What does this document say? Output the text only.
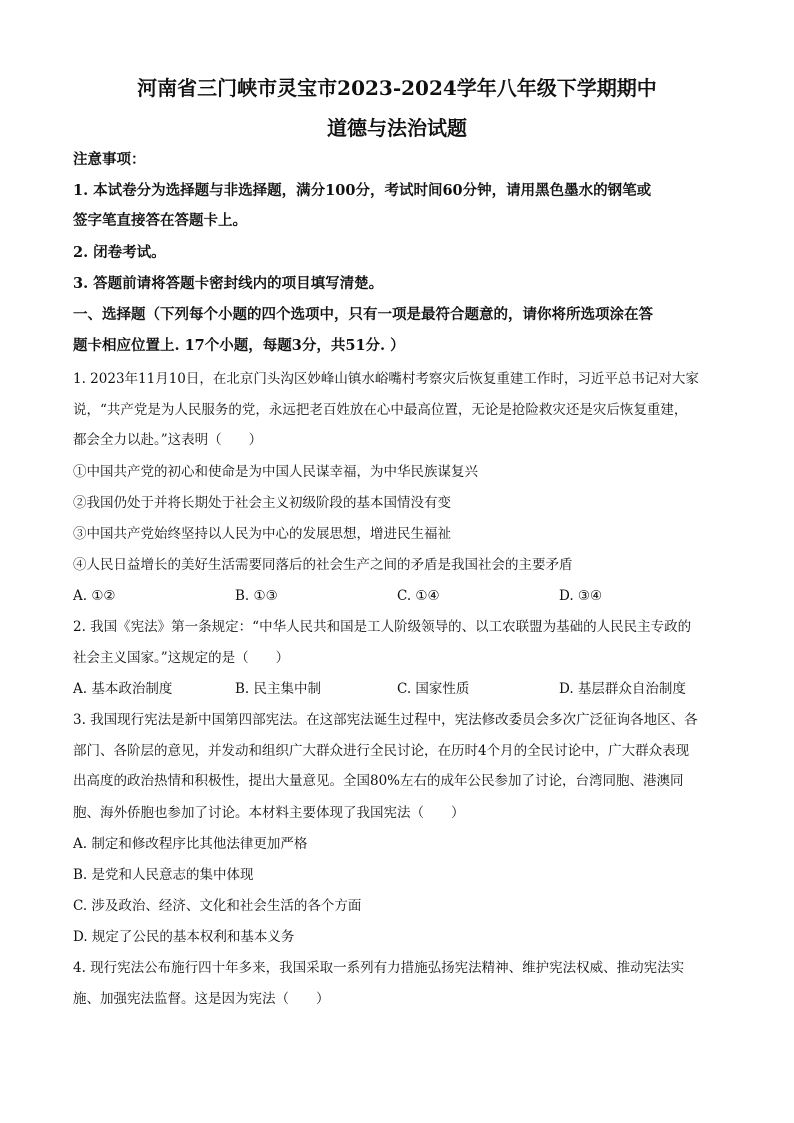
河南省三门峡市灵宝市2023-2024学年八年级下学期期中
道德与法治试题
注意事项：
1. 本试卷分为选择题与非选择题，满分100分，考试时间60分钟，请用黑色墨水的钢笔或
签字笔直接答在答题卡上。
2. 闭卷考试。
3. 答题前请将答题卡密封线内的项目填写清楚。
一、选择题（下列每个小题的四个选项中，只有一项是最符合题意的，请你将所选项涂在答
题卡相应位置上. 17个小题，每题3分，共51分. ）
1. 2023年11月10日，在北京门头沟区妙峰山镇水峪嘴村考察灾后恢复重建工作时，习近平总书记对大家
说，“共产党是为人民服务的党，永远把老百姓放在心中最高位置，无论是抢险救灾还是灾后恢复重建，
都会全力以赴。”这表明（　　）
①中国共产党的初心和使命是为中国人民谋幸福，为中华民族谋复兴
②我国仍处于并将长期处于社会主义初级阶段的基本国情没有变
③中国共产党始终坚持以人民为中心的发展思想，增进民生福祉
④人民日益增长的美好生活需要同落后的社会生产之间的矛盾是我国社会的主要矛盾
A. ①②	B. ①③	C. ①④	D. ③④
2. 我国《宪法》第一条规定：“中华人民共和国是工人阶级领导的、以工农联盟为基础的人民民主专政的
社会主义国家。”这规定的是（　　）
A. 基本政治制度	B. 民主集中制	C. 国家性质	D. 基层群众自治制度
3. 我国现行宪法是新中国第四部宪法。在这部宪法诞生过程中，宪法修改委员会多次广泛征询各地区、各
部门、各阶层的意见，并发动和组织广大群众进行全民讨论，在历时4个月的全民讨论中，广大群众表现
出高度的政治热情和积极性，提出大量意见。全国80%左右的成年公民参加了讨论，台湾同胞、港澳同
胞、海外侨胞也参加了讨论。本材料主要体现了我国宪法（　　）
A. 制定和修改程序比其他法律更加严格
B. 是党和人民意志的集中体现
C. 涉及政治、经济、文化和社会生活的各个方面
D. 规定了公民的基本权利和基本义务
4. 现行宪法公布施行四十年多来，我国采取一系列有力措施弘扬宪法精神、维护宪法权威、推动宪法实
施、加强宪法监督。这是因为宪法（　　）
